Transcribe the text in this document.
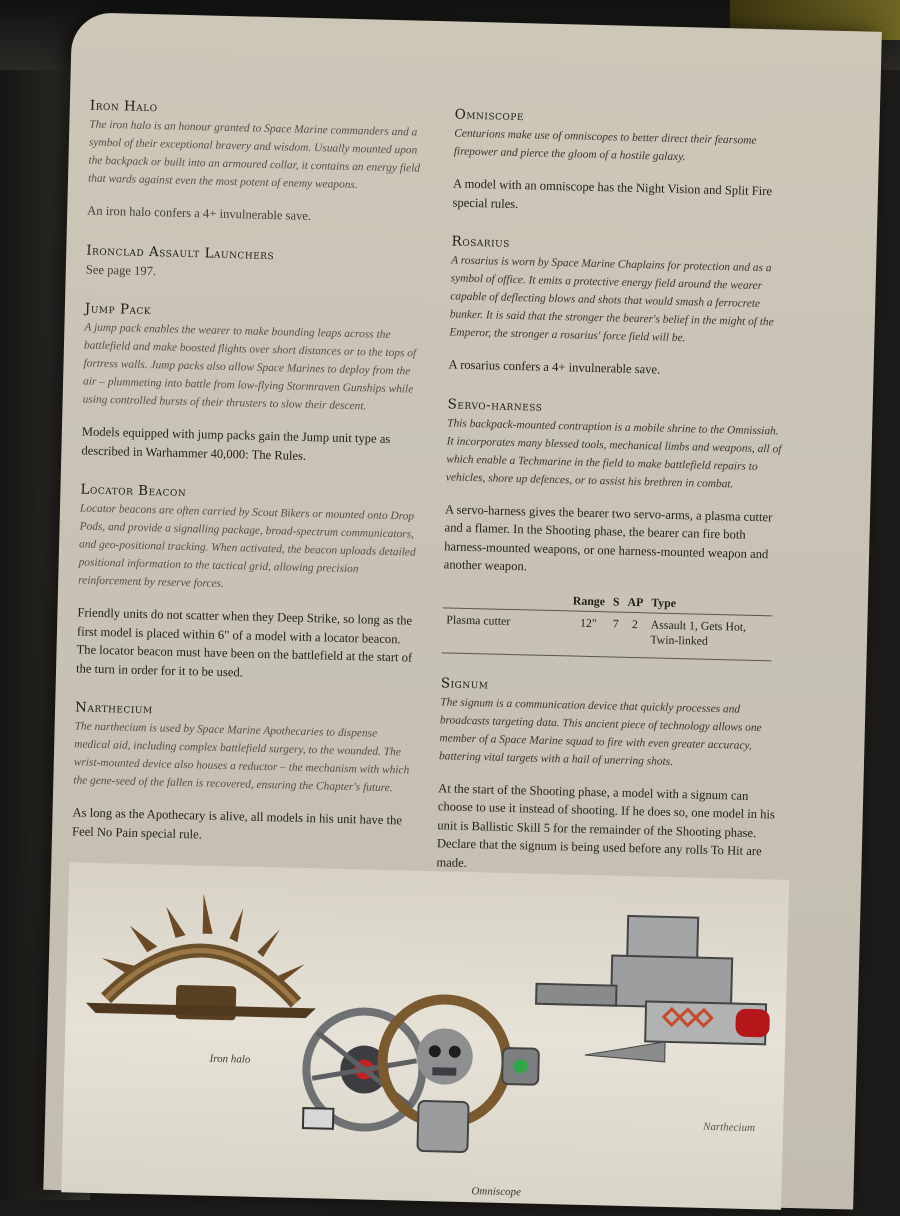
Iron Halo

The iron halo is an honour granted to Space Marine commanders and a symbol of their exceptional bravery and wisdom. Usually mounted upon the backpack or built into an armoured collar, it contains an energy field that wards against even the most potent of enemy weapons.

An iron halo confers a 4+ invulnerable save.

Ironclad Assault Launchers

See page 197.

Jump Pack

A jump pack enables the wearer to make bounding leaps across the battlefield and make boosted flights over short distances or to the tops of fortress walls. Jump packs also allow Space Marines to deploy from the air – plummeting into battle from low-flying Stormraven Gunships while using controlled bursts of their thrusters to slow their descent.

Models equipped with jump packs gain the Jump unit type as described in Warhammer 40,000: The Rules.

Locator Beacon

Locator beacons are often carried by Scout Bikers or mounted onto Drop Pods, and provide a signalling package, broad-spectrum communicators, and geo-positional tracking. When activated, the beacon uploads detailed positional information to the tactical grid, allowing precision reinforcement by reserve forces.

Friendly units do not scatter when they Deep Strike, so long as the first model is placed within 6" of a model with a locator beacon. The locator beacon must have been on the battlefield at the start of the turn in order for it to be used.

Narthecium

The narthecium is used by Space Marine Apothecaries to dispense medical aid, including complex battlefield surgery, to the wounded. The wrist-mounted device also houses a reductor – the mechanism with which the gene-seed of the fallen is recovered, ensuring the Chapter's future.

As long as the Apothecary is alive, all models in his unit have the Feel No Pain special rule.

Omniscope

Centurions make use of omniscopes to better direct their fearsome firepower and pierce the gloom of a hostile galaxy.

A model with an omniscope has the Night Vision and Split Fire special rules.

Rosarius

A rosarius is worn by Space Marine Chaplains for protection and as a symbol of office. It emits a protective energy field around the wearer capable of deflecting blows and shots that would smash a ferrocrete bunker. It is said that the stronger the bearer's belief in the might of the Emperor, the stronger a rosarius' force field will be.

A rosarius confers a 4+ invulnerable save.

Servo-harness

This backpack-mounted contraption is a mobile shrine to the Omnissiah. It incorporates many blessed tools, mechanical limbs and weapons, all of which enable a Techmarine in the field to make battlefield repairs to vehicles, shore up defences, or to assist his brethren in combat.

A servo-harness gives the bearer two servo-arms, a plasma cutter and a flamer. In the Shooting phase, the bearer can fire both harness-mounted weapons, or one harness-mounted weapon and another weapon.

	Range	S	AP	Type
Plasma cutter	12"	7	2	Assault 1, Gets Hot, Twin-linked
Signum

The signum is a communication device that quickly processes and broadcasts targeting data. This ancient piece of technology allows one member of a Space Marine squad to fire with even greater accuracy, battering vital targets with a hail of unerring shots.

At the start of the Shooting phase, a model with a signum can choose to use it instead of shooting. If he does so, one model in his unit is Ballistic Skill 5 for the remainder of the Shooting phase. Declare that the signum is being used before any rolls To Hit are made.

Iron halo
Omniscope
Narthecium
